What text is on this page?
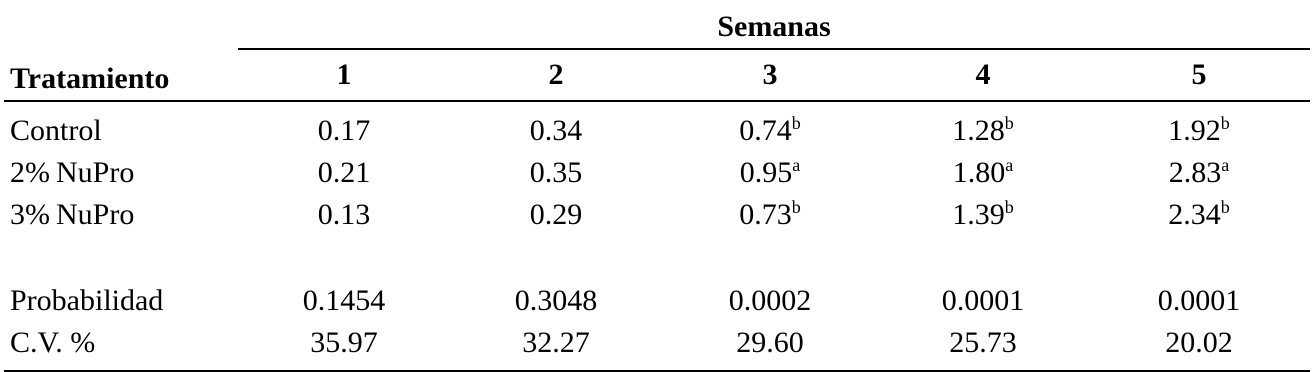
Tratamiento	Semanas				
	1	2	3	4	5
Control	0.17	0.34	0.74$^b$	1.28$^b$	1.92$^b$
2% NuPro	0.21	0.35	0.95$^a$	1.80$^a$	2.83$^a$
3% NuPro	0.13	0.29	0.73$^b$	1.39$^b$	2.34$^b$

Probabilidad	0.1454	0.3048	0.0002	0.0001	0.0001
C.V. %	35.97	32.27	29.60	25.73	20.02
